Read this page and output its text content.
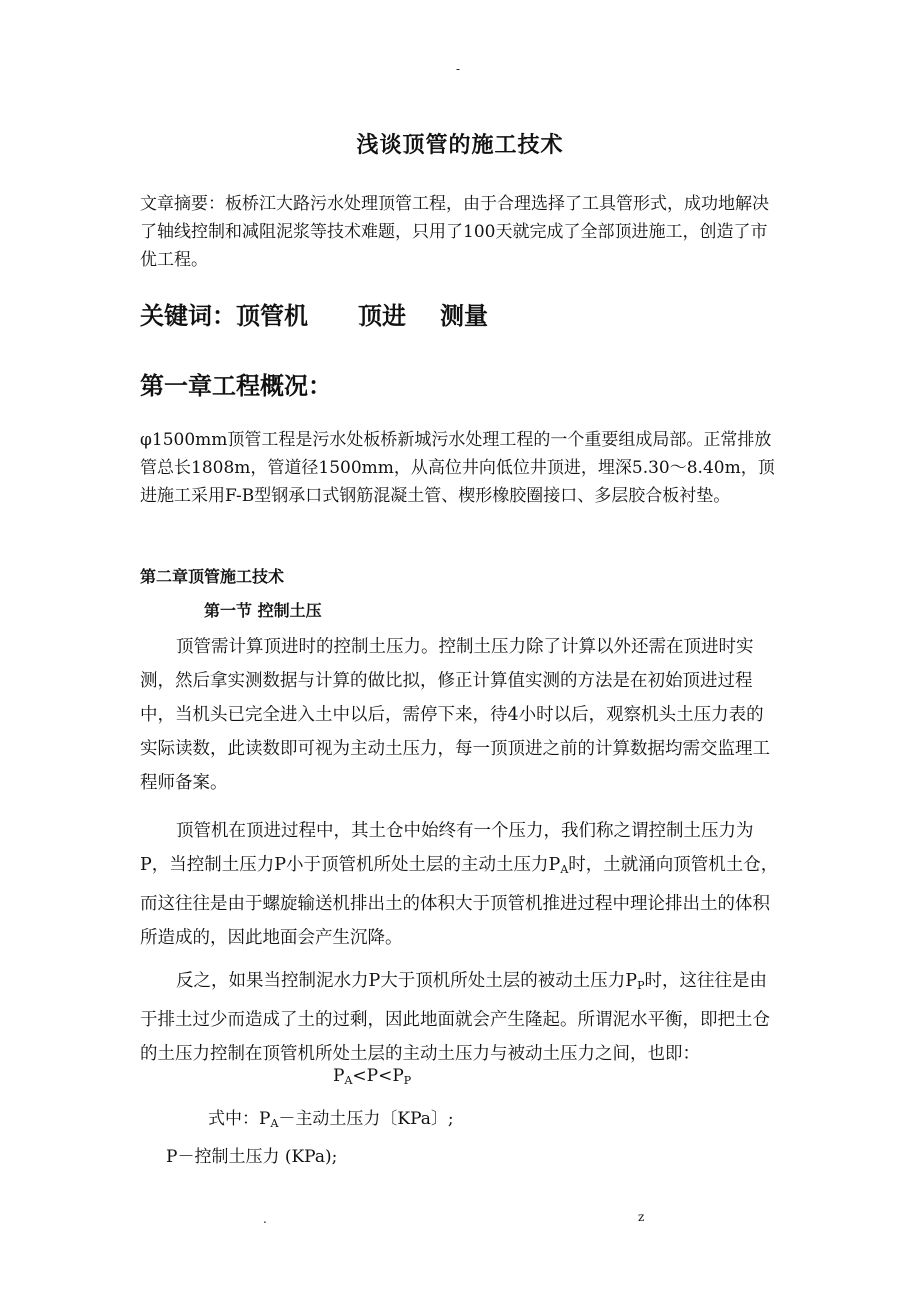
-
浅谈顶管的施工技术
文章摘要：板桥江大路污水处理顶管工程，由于合理选择了工具管形式，成功地解决了轴线控制和减阻泥浆等技术难题，只用了100天就完成了全部顶进施工，创造了市优工程。
关键词：顶管机 顶进 测量
第一章工程概况：
φ1500mm顶管工程是污水处板桥新城污水处理工程的一个重要组成局部。正常排放管总长1808m，管道径1500mm，从高位井向低位井顶进，埋深5.30～8.40m，顶进施工采用F-B型钢承口式钢筋混凝土管、楔形橡胶圈接口、多层胶合板衬垫。
第二章顶管施工技术
第一节 控制土压

顶管需计算顶进时的控制土压力。控制土压力除了计算以外还需在顶进时实测，然后拿实测数据与计算的做比拟，修正计算值实测的方法是在初始顶进过程中，当机头已完全进入土中以后，需停下来，待4小时以后，观察机头土压力表的实际读数，此读数即可视为主动土压力，每一顶顶进之前的计算数据均需交监理工程师备案。

顶管机在顶进过程中，其土仓中始终有一个压力，我们称之谓控制土压力为P，当控制土压力P小于顶管机所处土层的主动土压力$P_A$时，土就涌向顶管机土仓，而这往往是由于螺旋输送机排出土的体积大于顶管机推进过程中理论排出土的体积所造成的，因此地面会产生沉降。

反之，如果当控制泥水力P大于顶机所处土层的被动土压力$P_P$时，这往往是由于排土过少而造成了土的过剩，因此地面就会产生隆起。所谓泥水平衡，即把土仓的土压力控制在顶管机所处土层的主动土压力与被动土压力之间，也即：

$P_A<P<P_P$
式中：$P_A-$主动土压力〔KPa〕;
P－控制土压力 (KPa);
.	z
